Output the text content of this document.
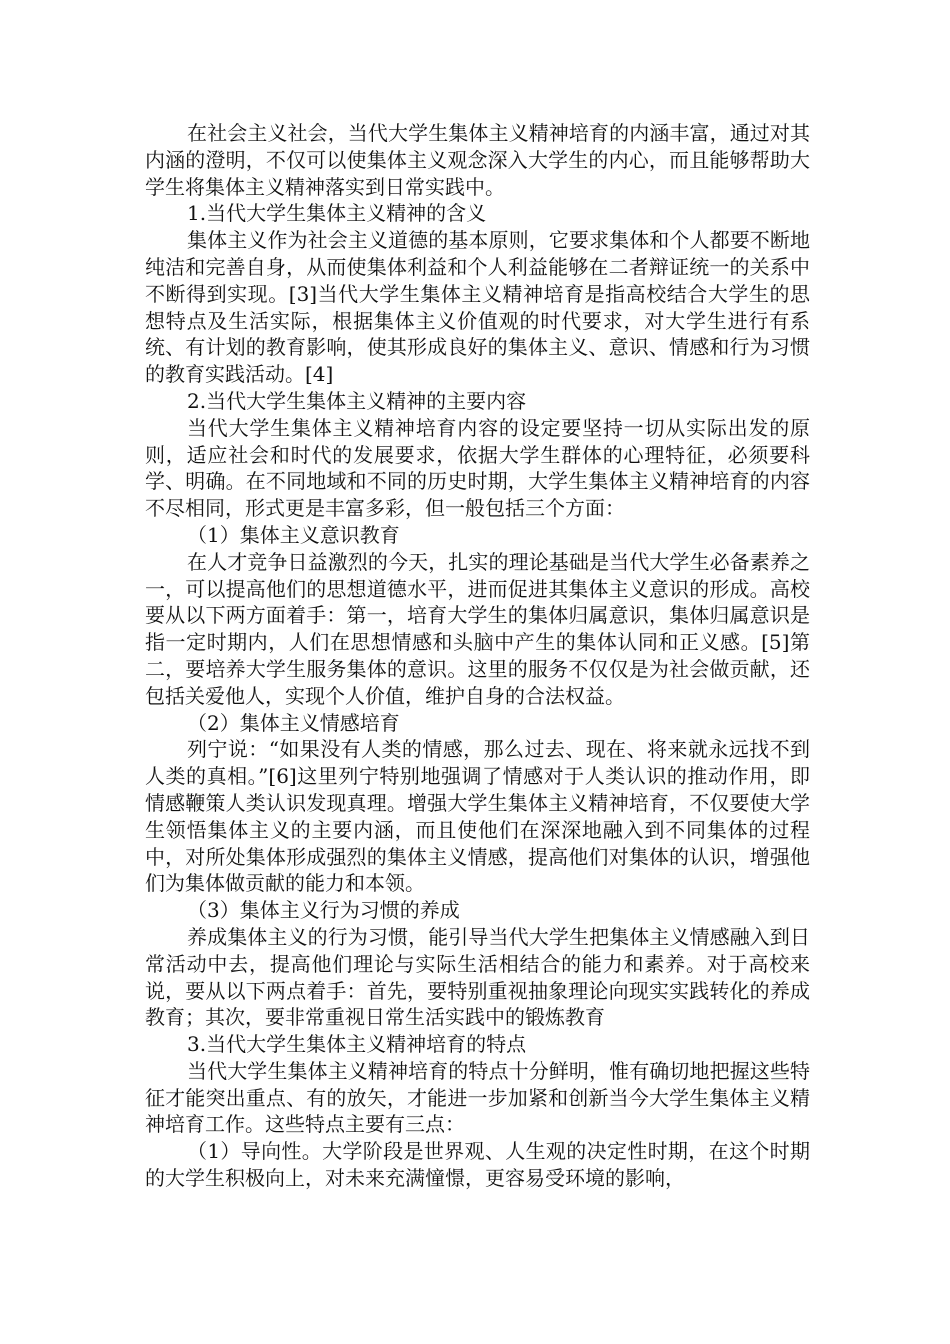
在社会主义社会，当代大学生集体主义精神培育的内涵丰富，通过对其内涵的澄明，不仅可以使集体主义观念深入大学生的内心，而且能够帮助大学生将集体主义精神落实到日常实践中。

1.当代大学生集体主义精神的含义

集体主义作为社会主义道德的基本原则，它要求集体和个人都要不断地纯洁和完善自身，从而使集体利益和个人利益能够在二者辩证统一的关系中不断得到实现。[3]当代大学生集体主义精神培育是指高校结合大学生的思想特点及生活实际，根据集体主义价值观的时代要求，对大学生进行有系统、有计划的教育影响，使其形成良好的集体主义、意识、情感和行为习惯的教育实践活动。[4]

2.当代大学生集体主义精神的主要内容

当代大学生集体主义精神培育内容的设定要坚持一切从实际出发的原则，适应社会和时代的发展要求，依据大学生群体的心理特征，必须要科学、明确。在不同地域和不同的历史时期，大学生集体主义精神培育的内容不尽相同，形式更是丰富多彩，但一般包括三个方面：

（1）集体主义意识教育

在人才竞争日益激烈的今天，扎实的理论基础是当代大学生必备素养之一，可以提高他们的思想道德水平，进而促进其集体主义意识的形成。高校要从以下两方面着手：第一，培育大学生的集体归属意识，集体归属意识是指一定时期内，人们在思想情感和头脑中产生的集体认同和正义感。[5]第二，要培养大学生服务集体的意识。这里的服务不仅仅是为社会做贡献，还包括关爱他人，实现个人价值，维护自身的合法权益。

（2）集体主义情感培育

列宁说：“如果没有人类的情感，那么过去、现在、将来就永远找不到人类的真相。”[6]这里列宁特别地强调了情感对于人类认识的推动作用，即情感鞭策人类认识发现真理。增强大学生集体主义精神培育，不仅要使大学生领悟集体主义的主要内涵，而且使他们在深深地融入到不同集体的过程中，对所处集体形成强烈的集体主义情感，提高他们对集体的认识，增强他们为集体做贡献的能力和本领。

（3）集体主义行为习惯的养成

养成集体主义的行为习惯，能引导当代大学生把集体主义情感融入到日常活动中去，提高他们理论与实际生活相结合的能力和素养。对于高校来说，要从以下两点着手：首先，要特别重视抽象理论向现实实践转化的养成教育；其次，要非常重视日常生活实践中的锻炼教育

3.当代大学生集体主义精神培育的特点

当代大学生集体主义精神培育的特点十分鲜明，惟有确切地把握这些特征才能突出重点、有的放矢，才能进一步加紧和创新当今大学生集体主义精神培育工作。这些特点主要有三点：

（1）导向性。大学阶段是世界观、人生观的决定性时期，在这个时期的大学生积极向上，对未来充满憧憬，更容易受环境的影响，
